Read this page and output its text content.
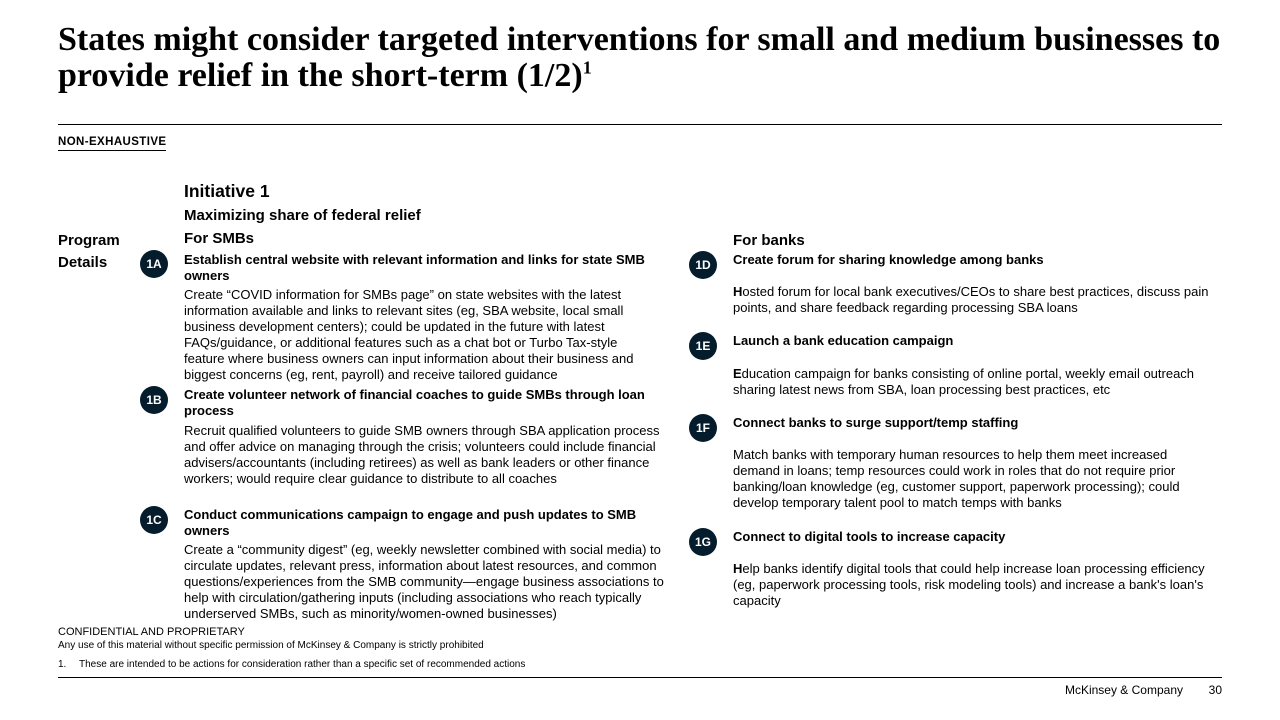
States might consider targeted interventions for small and medium businesses to provide relief in the short-term $(1/2)^1$
NON-EXHAUSTIVE
Initiative 1
Maximizing share of federal relief
Program
Details
For SMBs	For banks
1A	Establish central website with relevant information and links for state SMB owners
Create “COVID information for SMBs page” on state websites with the latest information available and links to relevant sites (eg, SBA website, local small business development centers); could be updated in the future with latest FAQs/guidance, or additional features such as a chat bot or Turbo Tax-style feature where business owners can input information about their business and biggest concerns (eg, rent, payroll) and receive tailored guidance
1B	Create volunteer network of financial coaches to guide SMBs through loan process
Recruit qualified volunteers to guide SMB owners through SBA application process and offer advice on managing through the crisis; volunteers could include financial advisers/accountants (including retirees) as well as bank leaders or other finance workers; would require clear guidance to distribute to all coaches
1C	Conduct communications campaign to engage and push updates to SMB owners
Create a “community digest” (eg, weekly newsletter combined with social media) to circulate updates, relevant press, information about latest resources, and common questions/experiences from the SMB community—engage business associations to help with circulation/gathering inputs (including associations who reach typically underserved SMBs, such as minority/women-owned businesses)
1D	Create forum for sharing knowledge among banks
Hosted forum for local bank executives/CEOs to share best practices, discuss pain points, and share feedback regarding processing SBA loans
1E	Launch a bank education campaign
Education campaign for banks consisting of online portal, weekly email outreach sharing latest news from SBA, loan processing best practices, etc
1F	Connect banks to surge support/temp staffing
Match banks with temporary human resources to help them meet increased demand in loans; temp resources could work in roles that do not require prior banking/loan knowledge (eg, customer support, paperwork processing); could develop temporary talent pool to match temps with banks
1G	Connect to digital tools to increase capacity
Help banks identify digital tools that could help increase loan processing efficiency (eg, paperwork processing tools, risk modeling tools) and increase a bank's loan's capacity
CONFIDENTIAL AND PROPRIETARY
Any use of this material without specific permission of McKinsey & Company is strictly prohibited
1. These are intended to be actions for consideration rather than a specific set of recommended actions
McKinsey & Company 30
